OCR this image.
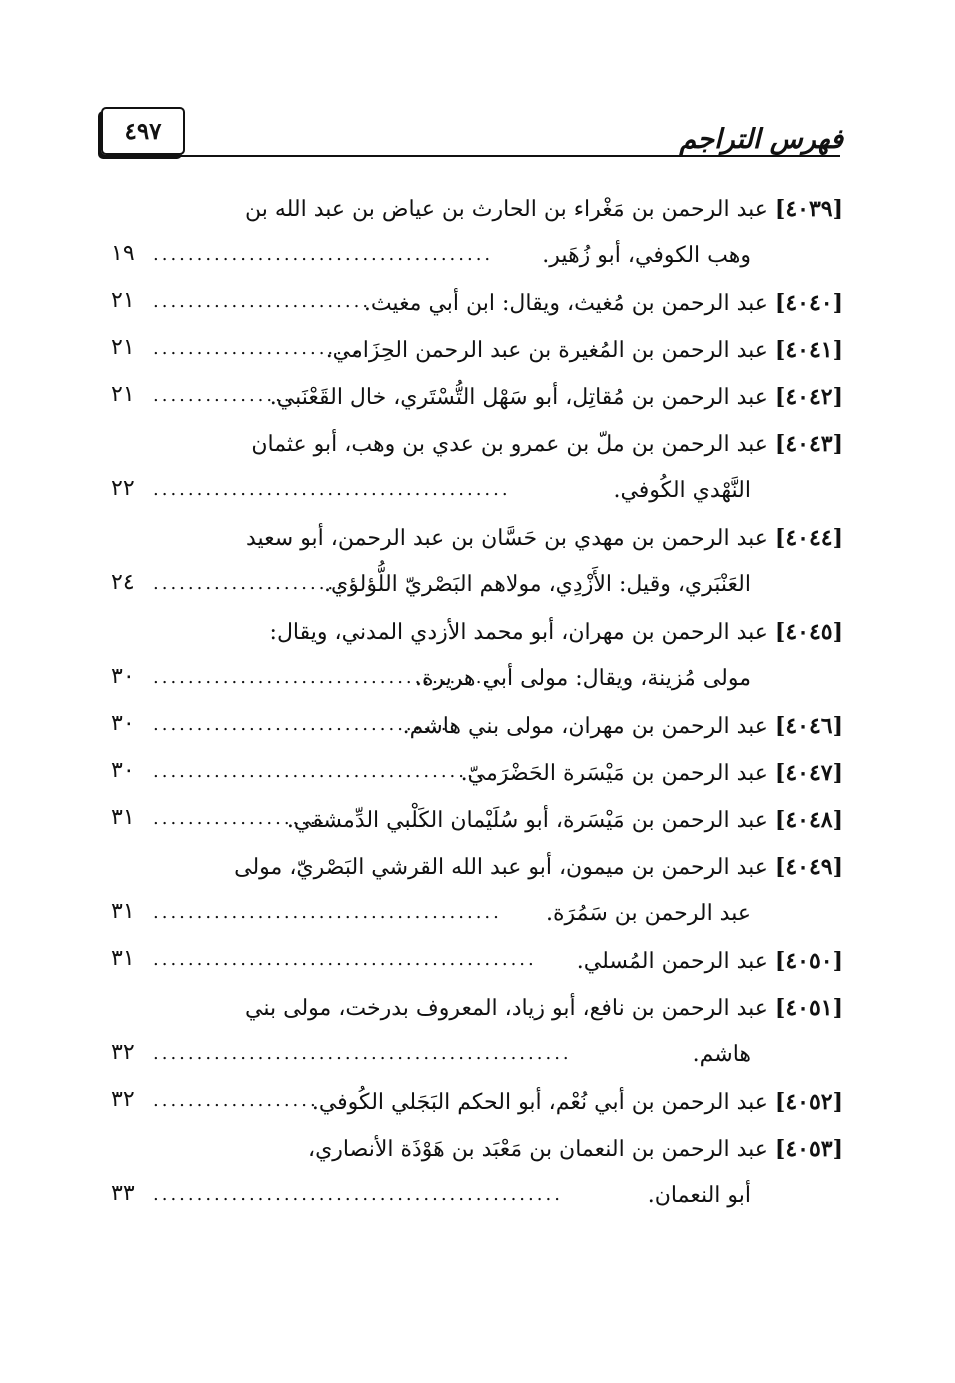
فهرس التراجم
٤٩٧
[٤٠٣٩] عبد الرحمن بن مَغْراء بن الحارث بن عياض بن عبد الله بن
وهب الكوفي، أبو زُهَير.
.......................................
١٩
[٤٠٤٠] عبد الرحمن بن مُغيث، ويقال: ابن أبي مغيث.
.........................
٢١
[٤٠٤١] عبد الرحمن بن المُغيرة بن عبد الرحمن الحِزَامي.
........................
٢١
[٤٠٤٢] عبد الرحمن بن مُقاتِل، أبو سَهْل التُّسْتَري، خال القَعْنَبي.
................
٢١
[٤٠٤٣] عبد الرحمن بن ملّ بن عمرو بن عدي بن وهب، أبو عثمان
النَّهْدي الكُوفي.
.........................................
٢٢
[٤٠٤٤] عبد الرحمن بن مهدي بن حَسَّان بن عبد الرحمن، أبو سعيد
العَنْبَري، وقيل: الأَزْدِي، مولاهم البَصْريّ اللُّؤلؤي.
......................
٢٤
[٤٠٤٥] عبد الرحمن بن مهران، أبو محمد الأزدي المدني، ويقال:
مولى مُزينة، ويقال: مولى أبي هريرة.
........................................
٣٠
[٤٠٤٦] عبد الرحمن بن مهران، مولى بني هاشم.
...................................
٣٠
[٤٠٤٧] عبد الرحمن بن مَيْسَرة الحَضْرَميّ.
......................................
٣٠
[٤٠٤٨] عبد الرحمن بن مَيْسَرة، أبو سُلَيْمان الكَلْبي الدِّمشقي.
....................
٣١
[٤٠٤٩] عبد الرحمن بن ميمون، أبو عبد الله القرشي البَصْريّ، مولى
عبد الرحمن بن سَمُرَة.
........................................
٣١
[٤٠٥٠] عبد الرحمن المُسلي.
............................................
٣١
[٤٠٥١] عبد الرحمن بن نافع، أبو زياد، المعروف بدرخت، مولى بني
هاشم.
................................................
٣٢
[٤٠٥٢] عبد الرحمن بن أبي نُعْم، أبو الحكم البَجَلي الكُوفي.
...................
٣٢
[٤٠٥٣] عبد الرحمن بن النعمان بن مَعْبَد بن هَوْذَة الأنصاري،
أبو النعمان.
...............................................
٣٣
